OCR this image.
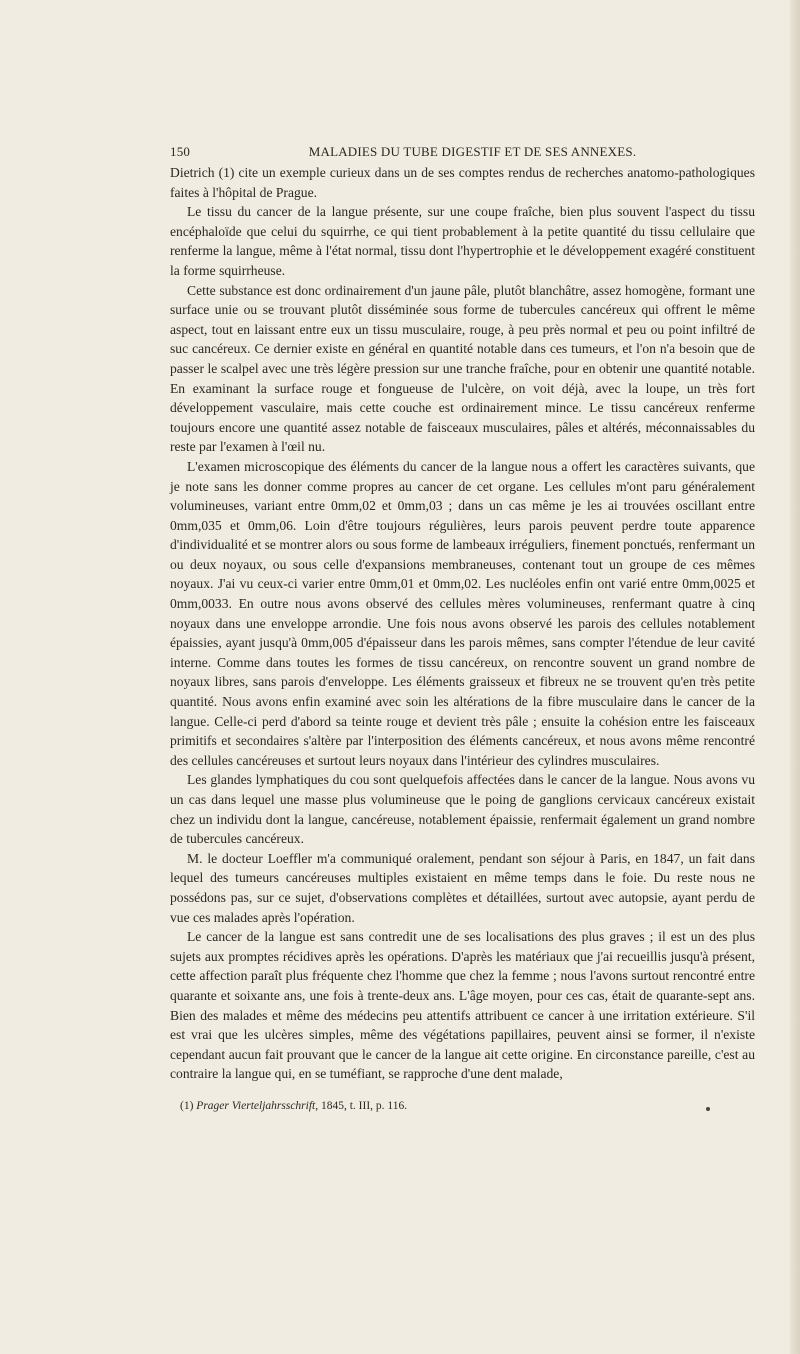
150	MALADIES DU TUBE DIGESTIF ET DE SES ANNEXES.

Dietrich (1) cite un exemple curieux dans un de ses comptes rendus de recherches anatomo-pathologiques faites à l'hôpital de Prague.

Le tissu du cancer de la langue présente, sur une coupe fraîche, bien plus souvent l'aspect du tissu encéphaloïde que celui du squirrhe, ce qui tient probablement à la petite quantité du tissu cellulaire que renferme la langue, même à l'état normal, tissu dont l'hypertrophie et le développement exagéré constituent la forme squirrheuse.

Cette substance est donc ordinairement d'un jaune pâle, plutôt blanchâtre, assez homogène, formant une surface unie ou se trouvant plutôt disséminée sous forme de tubercules cancéreux qui offrent le même aspect, tout en laissant entre eux un tissu musculaire, rouge, à peu près normal et peu ou point infiltré de suc cancéreux. Ce dernier existe en général en quantité notable dans ces tumeurs, et l'on n'a besoin que de passer le scalpel avec une très légère pression sur une tranche fraîche, pour en obtenir une quantité notable. En examinant la surface rouge et fongueuse de l'ulcère, on voit déjà, avec la loupe, un très fort développement vasculaire, mais cette couche est ordinairement mince. Le tissu cancéreux renferme toujours encore une quantité assez notable de faisceaux musculaires, pâles et altérés, méconnaissables du reste par l'examen à l'œil nu.

L'examen microscopique des éléments du cancer de la langue nous a offert les caractères suivants, que je note sans les donner comme propres au cancer de cet organe. Les cellules m'ont paru généralement volumineuses, variant entre 0mm,02 et 0mm,03 ; dans un cas même je les ai trouvées oscillant entre 0mm,035 et 0mm,06. Loin d'être toujours régulières, leurs parois peuvent perdre toute apparence d'individualité et se montrer alors ou sous forme de lambeaux irréguliers, finement ponctués, renfermant un ou deux noyaux, ou sous celle d'expansions membraneuses, contenant tout un groupe de ces mêmes noyaux. J'ai vu ceux-ci varier entre 0mm,01 et 0mm,02. Les nucléoles enfin ont varié entre 0mm,0025 et 0mm,0033. En outre nous avons observé des cellules mères volumineuses, renfermant quatre à cinq noyaux dans une enveloppe arrondie. Une fois nous avons observé les parois des cellules notablement épaissies, ayant jusqu'à 0mm,005 d'épaisseur dans les parois mêmes, sans compter l'étendue de leur cavité interne. Comme dans toutes les formes de tissu cancéreux, on rencontre souvent un grand nombre de noyaux libres, sans parois d'enveloppe. Les éléments graisseux et fibreux ne se trouvent qu'en très petite quantité. Nous avons enfin examiné avec soin les altérations de la fibre musculaire dans le cancer de la langue. Celle-ci perd d'abord sa teinte rouge et devient très pâle ; ensuite la cohésion entre les faisceaux primitifs et secondaires s'altère par l'interposition des éléments cancéreux, et nous avons même rencontré des cellules cancéreuses et surtout leurs noyaux dans l'intérieur des cylindres musculaires.

Les glandes lymphatiques du cou sont quelquefois affectées dans le cancer de la langue. Nous avons vu un cas dans lequel une masse plus volumineuse que le poing de ganglions cervicaux cancéreux existait chez un individu dont la langue, cancéreuse, notablement épaissie, renfermait également un grand nombre de tubercules cancéreux.

M. le docteur Loeffler m'a communiqué oralement, pendant son séjour à Paris, en 1847, un fait dans lequel des tumeurs cancéreuses multiples existaient en même temps dans le foie. Du reste nous ne possédons pas, sur ce sujet, d'observations complètes et détaillées, surtout avec autopsie, ayant perdu de vue ces malades après l'opération.

Le cancer de la langue est sans contredit une de ses localisations des plus graves ; il est un des plus sujets aux promptes récidives après les opérations. D'après les matériaux que j'ai recueillis jusqu'à présent, cette affection paraît plus fréquente chez l'homme que chez la femme ; nous l'avons surtout rencontré entre quarante et soixante ans, une fois à trente-deux ans. L'âge moyen, pour ces cas, était de quarante-sept ans. Bien des malades et même des médecins peu attentifs attribuent ce cancer à une irritation extérieure. S'il est vrai que les ulcères simples, même des végétations papillaires, peuvent ainsi se former, il n'existe cependant aucun fait prouvant que le cancer de la langue ait cette origine. En circonstance pareille, c'est au contraire la langue qui, en se tuméfiant, se rapproche d'une dent malade,

(1) Prager Vierteljahrsschrift, 1845, t. III, p. 116.
